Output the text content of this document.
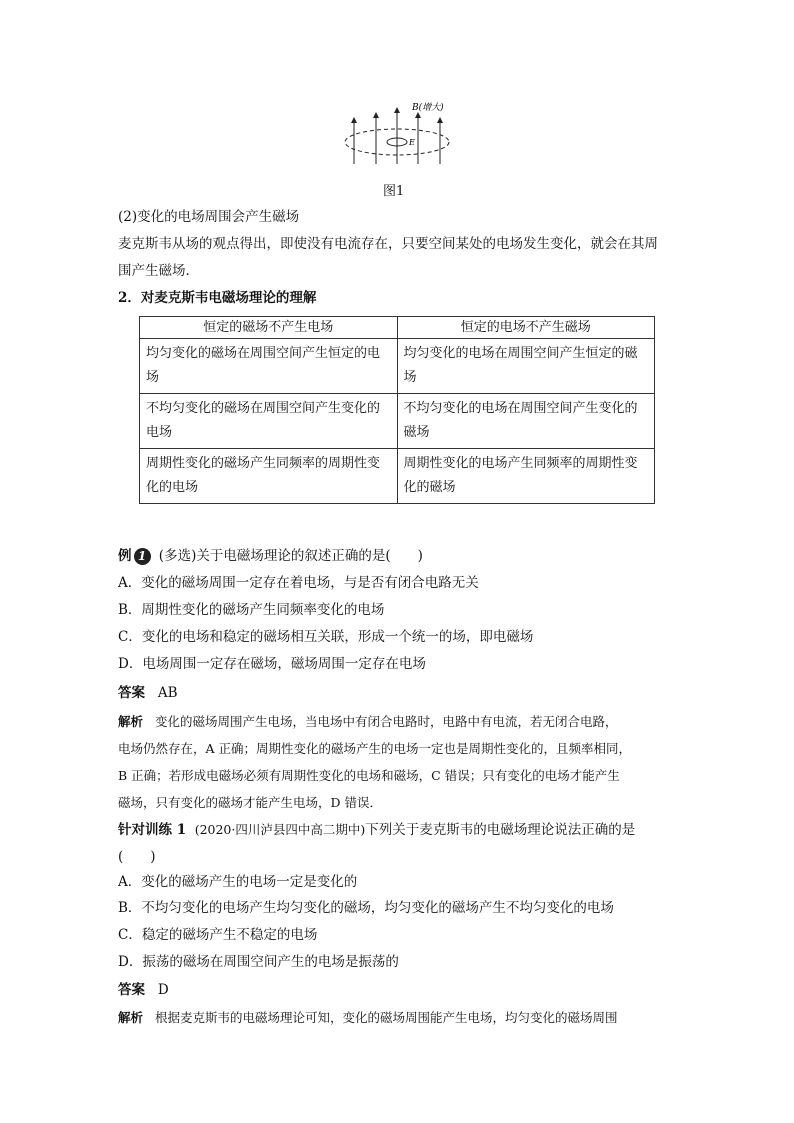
B(增大)
E
图1
(2)变化的电场周围会产生磁场
麦克斯韦从场的观点得出，即使没有电流存在，只要空间某处的电场发生变化，就会在其周
围产生磁场．
2．对麦克斯韦电磁场理论的理解
恒定的磁场不产生电场	恒定的电场不产生磁场
均匀变化的磁场在周围空间产生恒定的电场	均匀变化的电场在周围空间产生恒定的磁场
不均匀变化的磁场在周围空间产生变化的电场	不均匀变化的电场在周围空间产生变化的磁场
周期性变化的磁场产生同频率的周期性变化的电场	周期性变化的电场产生同频率的周期性变化的磁场
例 1 (多选)关于电磁场理论的叙述正确的是(　　)
A．变化的磁场周围一定存在着电场，与是否有闭合电路无关
B．周期性变化的磁场产生同频率变化的电场
C．变化的电场和稳定的磁场相互关联，形成一个统一的场，即电磁场
D．电场周围一定存在磁场，磁场周围一定存在电场
答案 AB
解析 变化的磁场周围产生电场，当电场中有闭合电路时，电路中有电流，若无闭合电路，
电场仍然存在，A 正确；周期性变化的磁场产生的电场一定也是周期性变化的，且频率相同，
B 正确；若形成电磁场必须有周期性变化的电场和磁场，C 错误；只有变化的电场才能产生
磁场，只有变化的磁场才能产生电场，D 错误．
针对训练 1 (2020·四川泸县四中高二期中)下列关于麦克斯韦的电磁场理论说法正确的是
(　　)
A．变化的磁场产生的电场一定是变化的
B．不均匀变化的电场产生均匀变化的磁场，均匀变化的磁场产生不均匀变化的电场
C．稳定的磁场产生不稳定的电场
D．振荡的磁场在周围空间产生的电场是振荡的
答案 D
解析 根据麦克斯韦的电磁场理论可知，变化的磁场周围能产生电场，均匀变化的磁场周围
